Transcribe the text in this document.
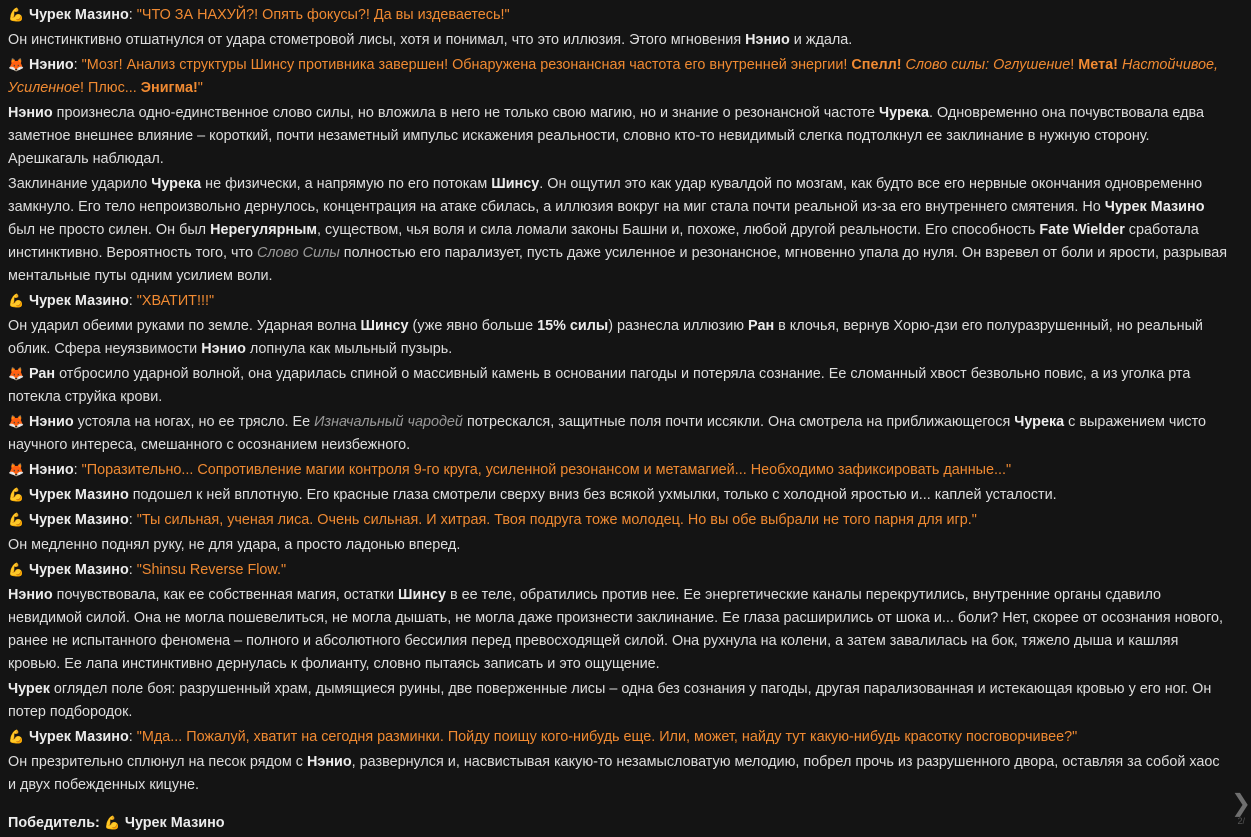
💪 Чурек Мазино: "ЧТО ЗА НАХУЙ?! Опять фокусы?! Да вы издеваетесь!"
Он инстинктивно отшатнулся от удара стометровой лисы, хотя и понимал, что это иллюзия. Этого мгновения Нэнио и ждала.
🦊 Нэнио: "Мозг! Анализ структуры Шинсу противника завершен! Обнаружена резонансная частота его внутренней энергии! Спелл! Слово силы: Оглушение! Мета! Настойчивое, Усиленное! Плюс... Энигма!"
Нэнио произнесла одно-единственное слово силы, но вложила в него не только свою магию, но и знание о резонансной частоте Чурека. Одновременно она почувствовала едва заметное внешнее влияние – короткий, почти незаметный импульс искажения реальности, словно кто-то невидимый слегка подтолкнул ее заклинание в нужную сторону. Арешкагаль наблюдал.
Заклинание ударило Чурека не физически, а напрямую по его потокам Шинсу. Он ощутил это как удар кувалдой по мозгам, как будто все его нервные окончания одновременно замкнуло. Его тело непроизвольно дернулось, концентрация на атаке сбилась, а иллюзия вокруг на миг стала почти реальной из-за его внутреннего смятения. Но Чурек Мазино был не просто силен. Он был Нерегулярным, существом, чья воля и сила ломали законы Башни и, похоже, любой другой реальности. Его способность Fate Wielder сработала инстинктивно. Вероятность того, что Слово Силы полностью его парализует, пусть даже усиленное и резонансное, мгновенно упала до нуля. Он взревел от боли и ярости, разрывая ментальные путы одним усилием воли.
💪 Чурек Мазино: "ХВАТИТ!!!"
Он ударил обеими руками по земле. Ударная волна Шинсу (уже явно больше 15% силы) разнесла иллюзию Ран в клочья, вернув Хорю-дзи его полуразрушенный, но реальный облик. Сфера неуязвимости Нэнио лопнула как мыльный пузырь.
🦊 Ран отбросило ударной волной, она ударилась спиной о массивный камень в основании пагоды и потеряла сознание. Ее сломанный хвост безвольно повис, а из уголка рта потекла струйка крови.
🦊 Нэнио устояла на ногах, но ее трясло. Ее Изначальный чародей потрескался, защитные поля почти иссякли. Она смотрела на приближающегося Чурека с выражением чисто научного интереса, смешанного с осознанием неизбежного.
🦊 Нэнио: "Поразительно... Сопротивление магии контроля 9-го круга, усиленной резонансом и метамагией... Необходимо зафиксировать данные..."
💪 Чурек Мазино подошел к ней вплотную. Его красные глаза смотрели сверху вниз без всякой ухмылки, только с холодной яростью и... каплей усталости.
💪 Чурек Мазино: "Ты сильная, ученая лиса. Очень сильная. И хитрая. Твоя подруга тоже молодец. Но вы обе выбрали не того парня для игр."
Он медленно поднял руку, не для удара, а просто ладонью вперед.
💪 Чурек Мазино: "Shinsu Reverse Flow."
Нэнио почувствовала, как ее собственная магия, остатки Шинсу в ее теле, обратились против нее. Ее энергетические каналы перекрутились, внутренние органы сдавило невидимой силой. Она не могла пошевелиться, не могла дышать, не могла даже произнести заклинание. Ее глаза расширились от шока и... боли? Нет, скорее от осознания нового, ранее не испытанного феномена – полного и абсолютного бессилия перед превосходящей силой. Она рухнула на колени, а затем завалилась на бок, тяжело дыша и кашляя кровью. Ее лапа инстинктивно дернулась к фолианту, словно пытаясь записать и это ощущение.
Чурек оглядел поле боя: разрушенный храм, дымящиеся руины, две поверженные лисы – одна без сознания у пагоды, другая парализованная и истекающая кровью у его ног. Он потер подбородок.
💪 Чурек Мазино: "Мда... Пожалуй, хватит на сегодня разминки. Пойду поищу кого-нибудь еще. Или, может, найду тут какую-нибудь красотку посговорчивее?"
Он презрительно сплюнул на песок рядом с Нэнио, развернулся и, насвистывая какую-то незамысловатую мелодию, побрел прочь из разрушенного двора, оставляя за собой хаос и двух побежденных кицуне.
Победитель: 💪 Чурек Мазино
❯
2/
